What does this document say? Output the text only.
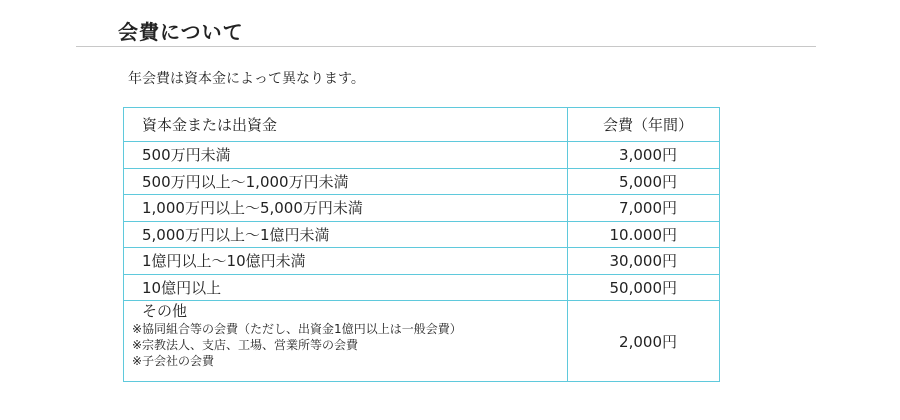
会費について

年会費は資本金によって異なります。

資本金または出資金	会費（年間）
500万円未満	3,000円
500万円以上〜1,000万円未満	5,000円
1,000万円以上〜5,000万円未満	7,000円
5,000万円以上〜1億円未満	10.000円
1億円以上〜10億円未満	30,000円
10億円以上	50,000円

その他
※協同組合等の会費（ただし、出資金1億円以上は一般会費）
※宗教法人、支店、工場、営業所等の会費
※子会社の会費	2,000円
